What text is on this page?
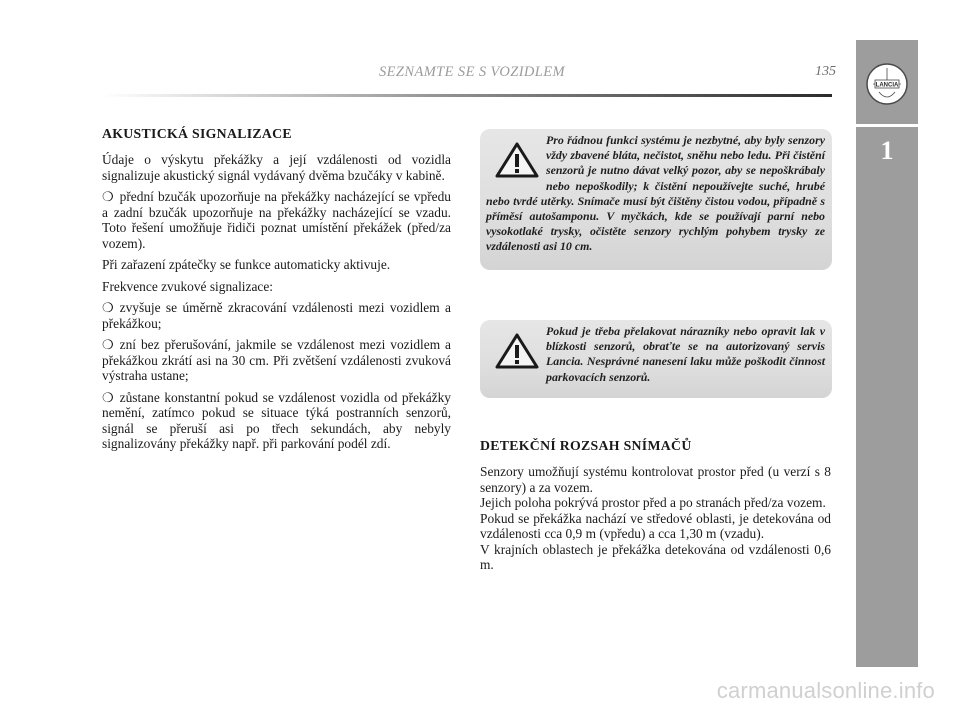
SEZNAMTE SE S VOZIDLEM	135
LANCIA
1
AKUSTICKÁ SIGNALIZACE

Údaje o výskytu překážky a její vzdálenosti od vozidla signalizuje akustický signál vydávaný dvěma bzučáky v kabině.

❍ přední bzučák upozorňuje na překážky nacházející se vpředu a zadní bzučák upozorňuje na překážky nacházející se vzadu. Toto řešení umožňuje řidiči poznat umístění překážek (před/za vozem).

Při zařazení zpátečky se funkce automaticky aktivuje.

Frekvence zvukové signalizace:

❍ zvyšuje se úměrně zkracování vzdálenosti mezi vozidlem a překážkou;

❍ zní bez přerušování, jakmile se vzdálenost mezi vozidlem a překážkou zkrátí asi na 30 cm. Při zvětšení vzdálenosti zvuková výstraha ustane;

❍ zůstane konstantní pokud se vzdálenost vozidla od překážky nemění, zatímco pokud se situace týká postranních senzorů, signál se přeruší asi po třech sekundách, aby nebyly signalizovány překážky např. při parkování podél zdí.

Pro řádnou funkci systému je nezbytné, aby byly senzory vždy zbavené bláta, nečistot, sněhu nebo ledu. Při čistění senzorů je nutno dávat velký pozor, aby se nepoškrábaly nebo nepoškodily; k čistění nepoužívejte suché, hrubé nebo tvrdé utěrky. Snímače musí být čištěny čistou vodou, případně s příměsí autošamponu. V myčkách, kde se používají parní nebo vysokotlaké trysky, očistěte senzory rychlým pohybem trysky ze vzdálenosti asi 10 cm.
Pokud je třeba přelakovat nárazníky nebo opravit lak v blízkosti senzorů, obraťte se na autorizovaný servis Lancia. Nesprávné nanesení laku může poškodit činnost parkovacích senzorů.
DETEKČNÍ ROZSAH SNÍMAČŮ

Senzory umožňují systému kontrolovat prostor před (u verzí s 8 senzory) a za vozem.

Jejich poloha pokrývá prostor před a po stranách před/za vozem.

Pokud se překážka nachází ve středové oblasti, je detekována od vzdálenosti cca 0,9 m (vpředu) a cca 1,30 m (vzadu).

V krajních oblastech je překážka detekována od vzdálenosti 0,6 m.

carmanualsonline.info
